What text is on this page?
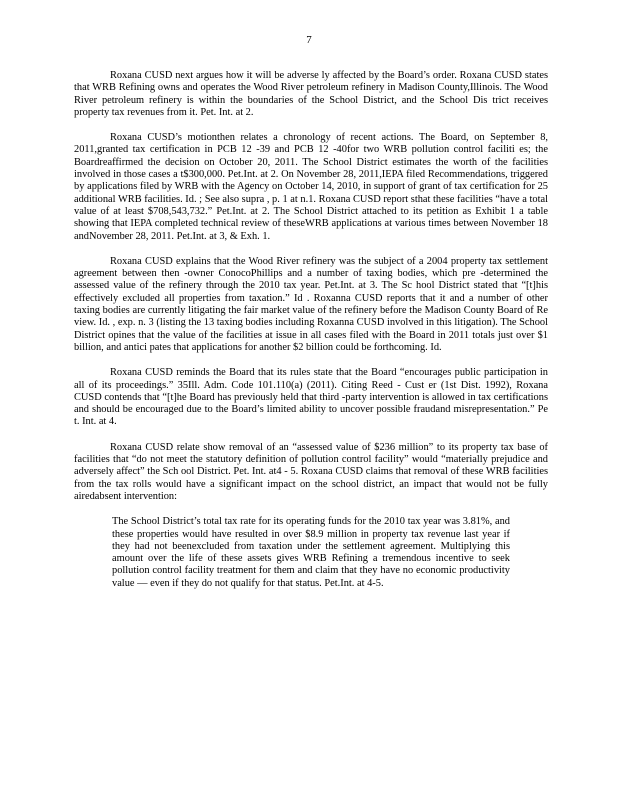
7

Roxana CUSD next argues how it will be adverse ly affected by the Board’s order. Roxana CUSD states that WRB Refining owns and operates the Wood River petroleum refinery in Madison County,Illinois. The Wood River petroleum refinery is within the boundaries of the School District, and the School Dis trict receives property tax revenues from it. Pet. Int. at 2.

Roxana CUSD’s motionthen relates a chronology of recent actions. The Board, on September 8, 2011,granted tax certification in PCB 12 -39 and PCB 12 -40for two WRB pollution control faciliti es; the Boardreaffirmed the decision on October 20, 2011. The School District estimates the worth of the facilities involved in those cases a t$300,000. Pet.Int. at 2. On November 28, 2011,IEPA filed Recommendations, triggered by applications filed by WRB with the Agency on October 14, 2010, in support of grant of tax certification for 25 additional WRB facilities. Id. ; See also supra , p. 1 at n.1. Roxana CUSD report sthat these facilities “have a total value of at least $708,543,732.” Pet.Int. at 2. The School District attached to its petition as Exhibit 1 a table showing that IEPA completed technical review of theseWRB applications at various times between November 18 andNovember 28, 2011. Pet.Int. at 3, & Exh. 1.

Roxana CUSD explains that the Wood River refinery was the subject of a 2004 property tax settlement agreement between then -owner ConocoPhillips and a number of taxing bodies, which pre -determined the assessed value of the refinery through the 2010 tax year. Pet.Int. at 3. The Sc hool District stated that “[t]his effectively excluded all properties from taxation.” Id . Roxanna CUSD reports that it and a number of other taxing bodies are currently litigating the fair market value of the refinery before the Madison County Board of Re view. Id. , exp. n. 3 (listing the 13 taxing bodies including Roxanna CUSD involved in this litigation). The School District opines that the value of the facilities at issue in all cases filed with the Board in 2011 totals just over $1 billion, and antici pates that applications for another $2 billion could be forthcoming. Id.

Roxana CUSD reminds the Board that its rules state that the Board “encourages public participation in all of its proceedings.” 35Ill. Adm. Code 101.110(a) (2011). Citing Reed - Cust er (1st Dist. 1992), Roxana CUSD contends that “[t]he Board has previously held that third -party intervention is allowed in tax certifications and should be encouraged due to the Board’s limited ability to uncover possible fraudand misrepresentation.” Pe t. Int. at 4.

Roxana CUSD relate show removal of an “assessed value of $236 million” to its property tax base of facilities that “do not meet the statutory definition of pollution control facility” would “materially prejudice and adversely affect” the Sch ool District. Pet. Int. at4 - 5. Roxana CUSD claims that removal of these WRB facilities from the tax rolls would have a significant impact on the school district, an impact that would not be fully airedabsent intervention:

The School District’s total tax rate for its operating funds for the 2010 tax year was 3.81%, and these properties would have resulted in over $8.9 million in property tax revenue last year if they had not beenexcluded from taxation under the settlement agreement. Multiplying this amount over the life of these assets gives WRB Refining a tremendous incentive to seek pollution control facility treatment for them and claim that they have no economic productivity value — even if they do not qualify for that status. Pet.Int. at 4-5.
